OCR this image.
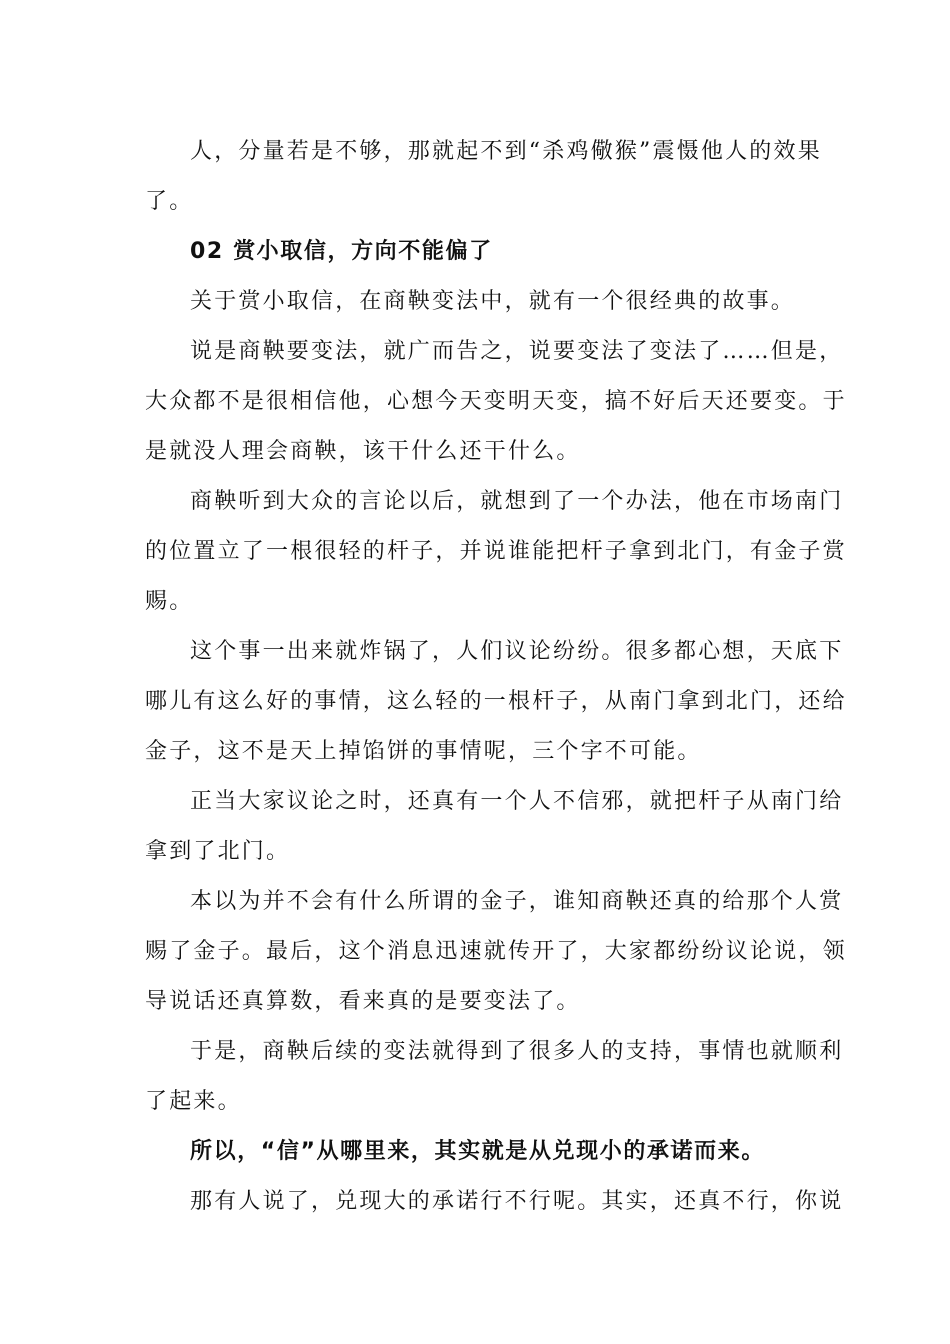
人，分量若是不够，那就起不到“杀鸡儆猴”震慑他人的效果

了。

02 赏小取信，方向不能偏了

关于赏小取信，在商鞅变法中，就有一个很经典的故事。

说是商鞅要变法，就广而告之，说要变法了变法了……但是，

大众都不是很相信他，心想今天变明天变，搞不好后天还要变。于

是就没人理会商鞅，该干什么还干什么。

商鞅听到大众的言论以后，就想到了一个办法，他在市场南门

的位置立了一根很轻的杆子，并说谁能把杆子拿到北门，有金子赏

赐。

这个事一出来就炸锅了，人们议论纷纷。很多都心想，天底下

哪儿有这么好的事情，这么轻的一根杆子，从南门拿到北门，还给

金子，这不是天上掉馅饼的事情呢，三个字不可能。

正当大家议论之时，还真有一个人不信邪，就把杆子从南门给

拿到了北门。

本以为并不会有什么所谓的金子，谁知商鞅还真的给那个人赏

赐了金子。最后，这个消息迅速就传开了，大家都纷纷议论说，领

导说话还真算数，看来真的是要变法了。

于是，商鞅后续的变法就得到了很多人的支持，事情也就顺利

了起来。

所以，“信”从哪里来，其实就是从兑现小的承诺而来。

那有人说了，兑现大的承诺行不行呢。其实，还真不行，你说
